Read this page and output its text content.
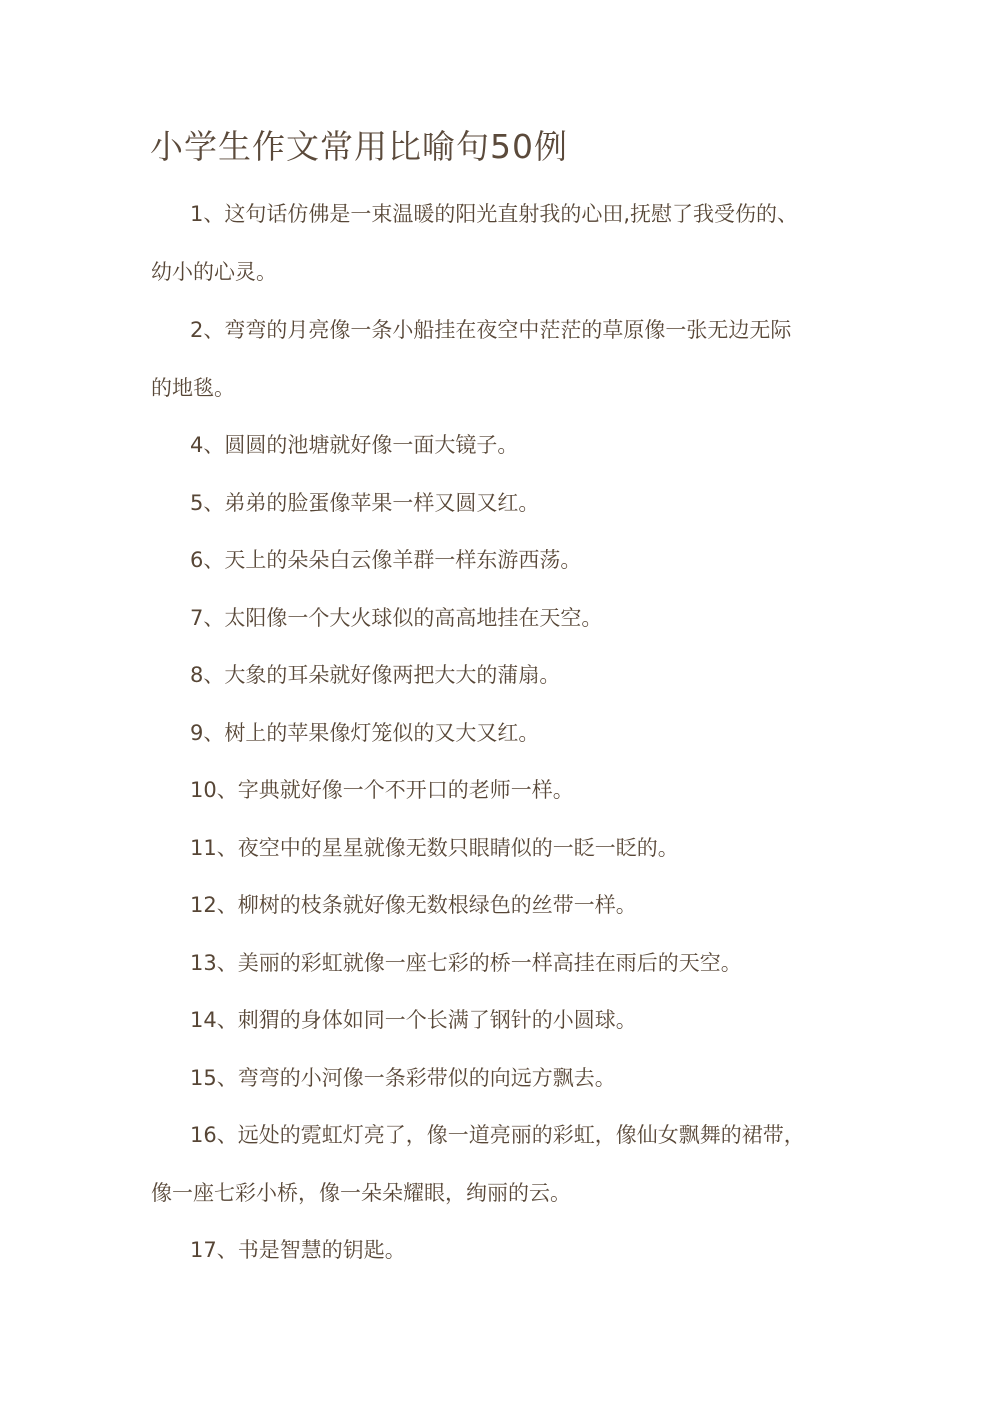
小学生作文常用比喻句50例

1、这句话仿佛是一束温暖的阳光直射我的心田,抚慰了我受伤的、

幼小的心灵。

2、弯弯的月亮像一条小船挂在夜空中茫茫的草原像一张无边无际

的地毯。

4、圆圆的池塘就好像一面大镜子。

5、弟弟的脸蛋像苹果一样又圆又红。

6、天上的朵朵白云像羊群一样东游西荡。

7、太阳像一个大火球似的高高地挂在天空。

8、大象的耳朵就好像两把大大的蒲扇。

9、树上的苹果像灯笼似的又大又红。

10、字典就好像一个不开口的老师一样。

11、夜空中的星星就像无数只眼睛似的一眨一眨的。

12、柳树的枝条就好像无数根绿色的丝带一样。

13、美丽的彩虹就像一座七彩的桥一样高挂在雨后的天空。

14、刺猬的身体如同一个长满了钢针的小圆球。

15、弯弯的小河像一条彩带似的向远方飘去。

16、远处的霓虹灯亮了，像一道亮丽的彩虹，像仙女飘舞的裙带，

像一座七彩小桥，像一朵朵耀眼，绚丽的云。

17、书是智慧的钥匙。
